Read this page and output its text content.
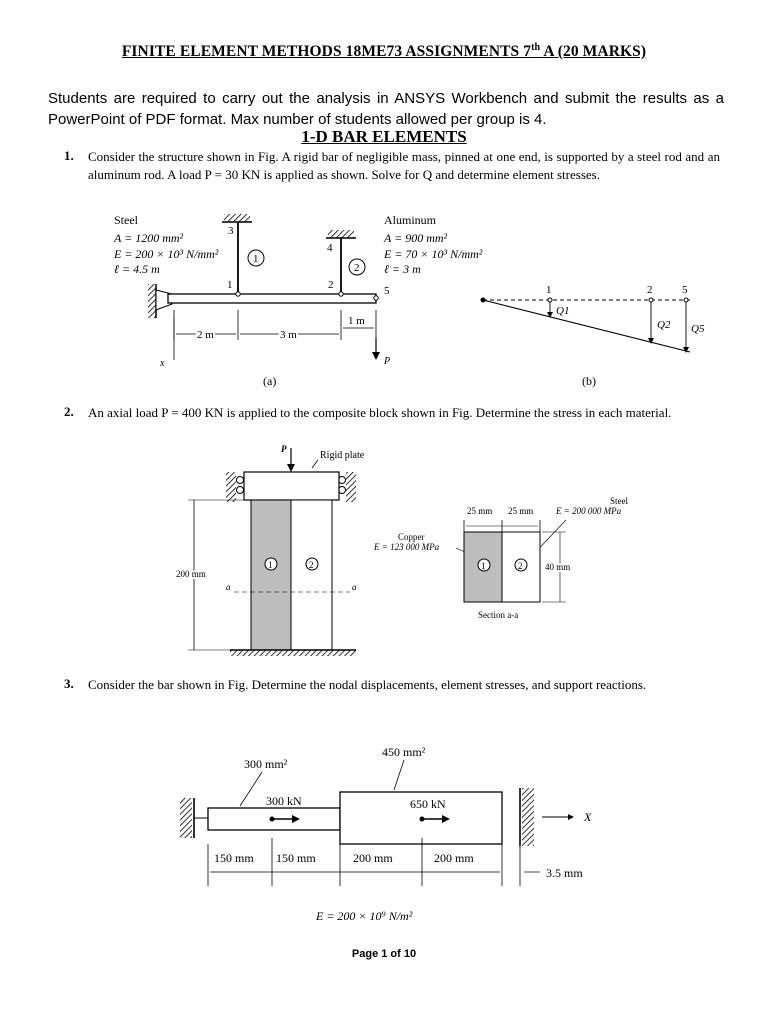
FINITE ELEMENT METHODS 18ME73 ASSIGNMENTS 7th A (20 MARKS)
Students are required to carry out the analysis in ANSYS Workbench and submit the results as a PowerPoint of PDF format. Max number of students allowed per group is 4.
1-D BAR ELEMENTS
1. Consider the structure shown in Fig. A rigid bar of negligible mass, pinned at one end, is supported by a steel rod and an aluminum rod. A load P = 30 KN is applied as shown. Solve for Q and determine element stresses.
Steel
A = 1200 mm²
E = 200 × 10³ N/mm²
ℓ = 4.5 m
3
1
1
4
2
2
Aluminum
A = 900 mm²
E = 70 × 10³ N/mm²
ℓ = 3 m
5
2 m	3 m
1 m
x	P
(a)
1	2	5
Q1
Q2 Q5
(b)
2. An axial load P = 400 KN is applied to the composite block shown in Fig. Determine the stress in each material.
P
Rigid plate
1	2
200 mm
a	a
Steel
E = 200 000 MPa
25 mm 25 mm
Copper
E = 123 000 MPa
1	2	40 mm
Section a-a
3. Consider the bar shown in Fig. Determine the nodal displacements, element stresses, and support reactions.
300 kN	650 kN
300 mm²
450 mm²
X
150 mm 150 mm	200 mm	200 mm
3.5 mm
E = 200 × 10⁹ N/m²
Page 1 of 10
